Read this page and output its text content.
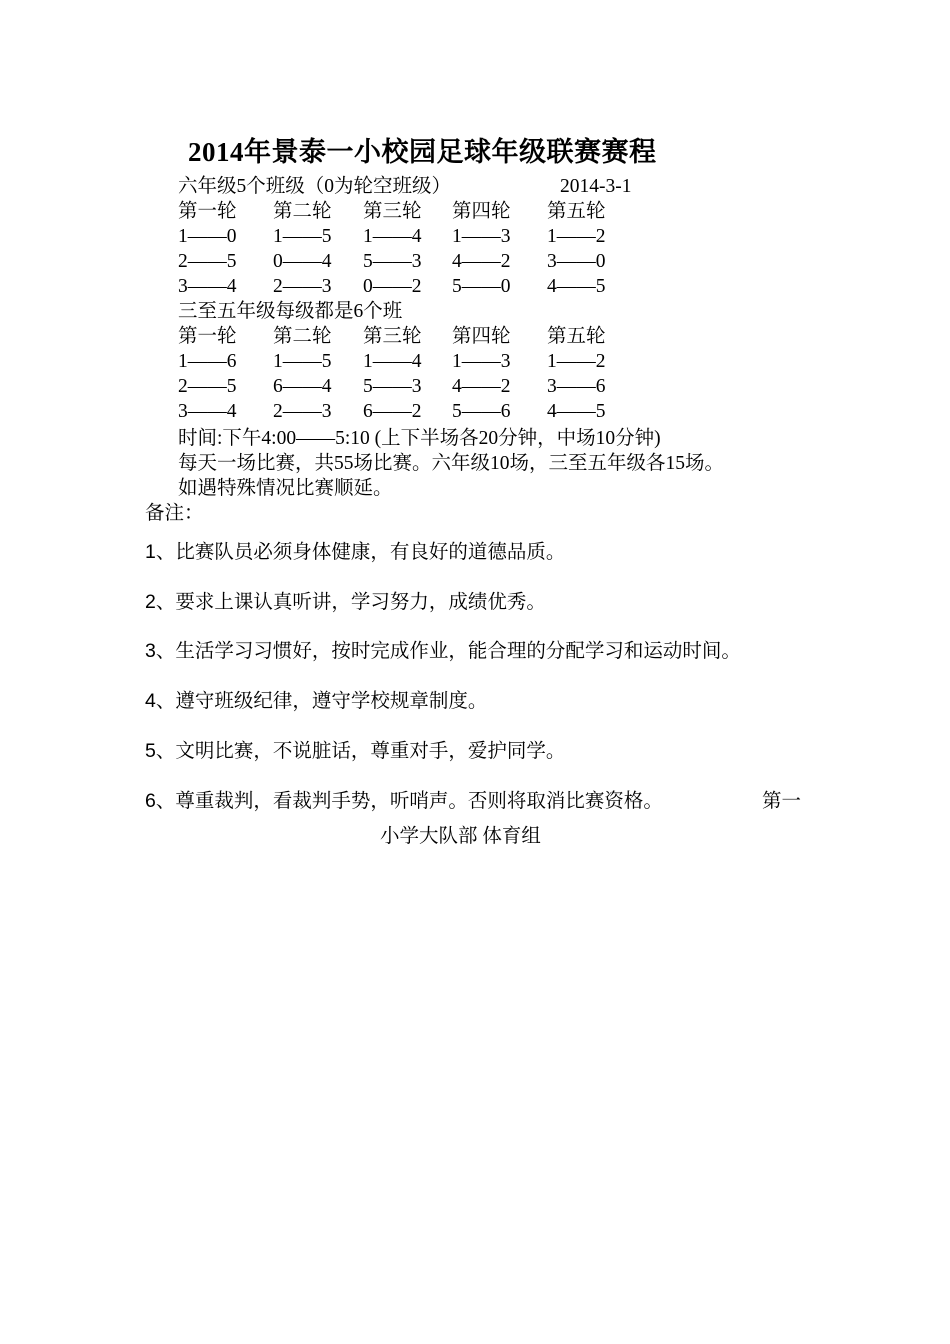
2014年景泰一小校园足球年级联赛赛程
六年级5个班级（0为轮空班级）	2014-3-1
第一轮 第二轮 第三轮 第四轮 第五轮
1——0 1——5 1——4 1——3 1——2
2——5 0——4 5——3 4——2 3——0
3——4 2——3 0——2 5——0 4——5
三至五年级每级都是6个班
第一轮 第二轮 第三轮 第四轮 第五轮
1——6 1——5 1——4 1——3 1——2
2——5 6——4 5——3 4——2 3——6
3——4 2——3 6——2 5——6 4——5
时间:下午4:00——5:10 (上下半场各20分钟，中场10分钟)
每天一场比赛，共55场比赛。六年级10场，三至五年级各15场。
如遇特殊情况比赛顺延。
备注：
1、比赛队员必须身体健康，有良好的道德品质。
2、要求上课认真听讲，学习努力，成绩优秀。
3、生活学习习惯好，按时完成作业，能合理的分配学习和运动时间。
4、遵守班级纪律，遵守学校规章制度。
5、文明比赛，不说脏话，尊重对手，爱护同学。
6、尊重裁判，看裁判手势，听哨声。否则将取消比赛资格。	第一
小学大队部 体育组
